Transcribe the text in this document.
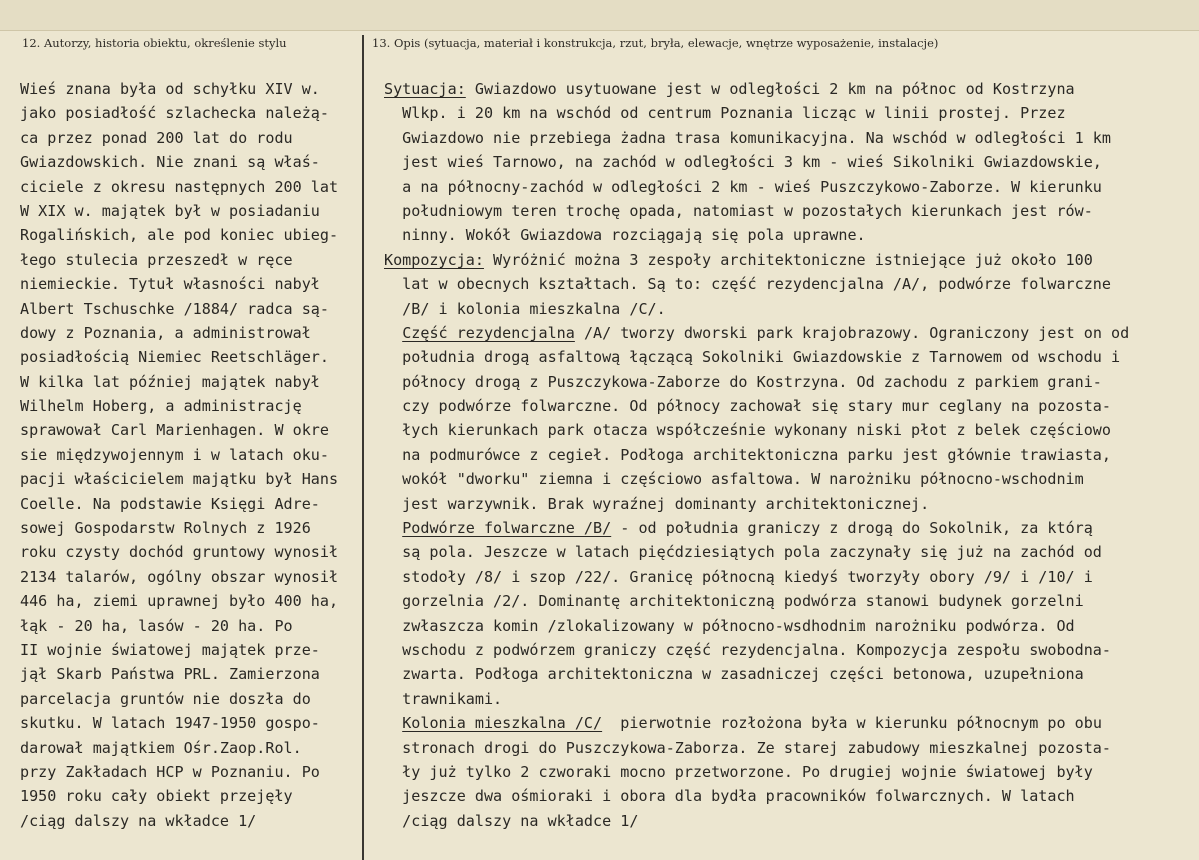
12. Autorzy, historia obiektu, określenie stylu	13. Opis (sytuacja, materiał i konstrukcja, rzut, bryła, elewacje, wnętrze wyposażenie, instalacje)

Wieś znana była od schyłku XIV w.
jako posiadłość szlachecka należą-
ca przez ponad 200 lat do rodu
Gwiazdowskich. Nie znani są właś-
ciciele z okresu następnych 200 lat
W XIX w. majątek był w posiadaniu
Rogalińskich, ale pod koniec ubieg-
łego stulecia przeszedł w ręce
niemieckie. Tytuł własności nabył
Albert Tschuschke /1884/ radca są-
dowy z Poznania, a administrował
posiadłością Niemiec Reetschläger.
W kilka lat później majątek nabył
Wilhelm Hoberg, a administrację
sprawował Carl Marienhagen. W okre
sie międzywojennym i w latach oku-
pacji właścicielem majątku był Hans
Coelle. Na podstawie Księgi Adre-
sowej Gospodarstw Rolnych z 1926
roku czysty dochód gruntowy wynosił
2134 talarów, ogólny obszar wynosił
446 ha, ziemi uprawnej było 400 ha,
łąk - 20 ha, lasów - 20 ha. Po
II wojnie światowej majątek prze-
jął Skarb Państwa PRL. Zamierzona
parcelacja gruntów nie doszła do
skutku. W latach 1947-1950 gospo-
darował majątkiem Ośr.Zaop.Rol.
przy Zakładach HCP w Poznaniu. Po
1950 roku cały obiekt przejęły
/ciąg dalszy na wkładce 1/
Sytuacja: Gwiazdowo usytuowane jest w odległości 2 km na północ od Kostrzyna
Wlkp. i 20 km na wschód od centrum Poznania licząc w linii prostej. Przez
Gwiazdowo nie przebiega żadna trasa komunikacyjna. Na wschód w odległości 1 km
jest wieś Tarnowo, na zachód w odległości 3 km - wieś Sikolniki Gwiazdowskie,
a na północny-zachód w odległości 2 km - wieś Puszczykowo-Zaborze. W kierunku
południowym teren trochę opada, natomiast w pozostałych kierunkach jest rów-
ninny. Wokół Gwiazdowa rozciągają się pola uprawne.
Kompozycja: Wyróżnić można 3 zespoły architektoniczne istniejące już około 100
lat w obecnych kształtach. Są to: część rezydencjalna /A/, podwórze folwarczne
/B/ i kolonia mieszkalna /C/.
Część rezydencjalna /A/ tworzy dworski park krajobrazowy. Ograniczony jest on od
południa drogą asfaltową łączącą Sokolniki Gwiazdowskie z Tarnowem od wschodu i
północy drogą z Puszczykowa-Zaborze do Kostrzyna. Od zachodu z parkiem grani-
czy podwórze folwarczne. Od północy zachował się stary mur ceglany na pozosta-
łych kierunkach park otacza współcześnie wykonany niski płot z belek częściowo
na podmurówce z cegieł. Podłoga architektoniczna parku jest głównie trawiasta,
wokół "dworku" ziemna i częściowo asfaltowa. W narożniku północno-wschodnim
jest warzywnik. Brak wyraźnej dominanty architektonicznej.
Podwórze folwarczne /B/ - od południa graniczy z drogą do Sokolnik, za którą
są pola. Jeszcze w latach pięćdziesiątych pola zaczynały się już na zachód od
stodoły /8/ i szop /22/. Granicę północną kiedyś tworzyły obory /9/ i /10/ i
gorzelnia /2/. Dominantę architektoniczną podwórza stanowi budynek gorzelni
zwłaszcza komin /zlokalizowany w północno-wsdhodnim narożniku podwórza. Od
wschodu z podwórzem graniczy część rezydencjalna. Kompozycja zespołu swobodna-
zwarta. Podłoga architektoniczna w zasadniczej części betonowa, uzupełniona
trawnikami.
Kolonia mieszkalna /C/  pierwotnie rozłożona była w kierunku północnym po obu
stronach drogi do Puszczykowa-Zaborza. Ze starej zabudowy mieszkalnej pozosta-
ły już tylko 2 czworaki mocno przetworzone. Po drugiej wojnie światowej były
jeszcze dwa ośmioraki i obora dla bydła pracowników folwarcznych. W latach
/ciąg dalszy na wkładce 1/
